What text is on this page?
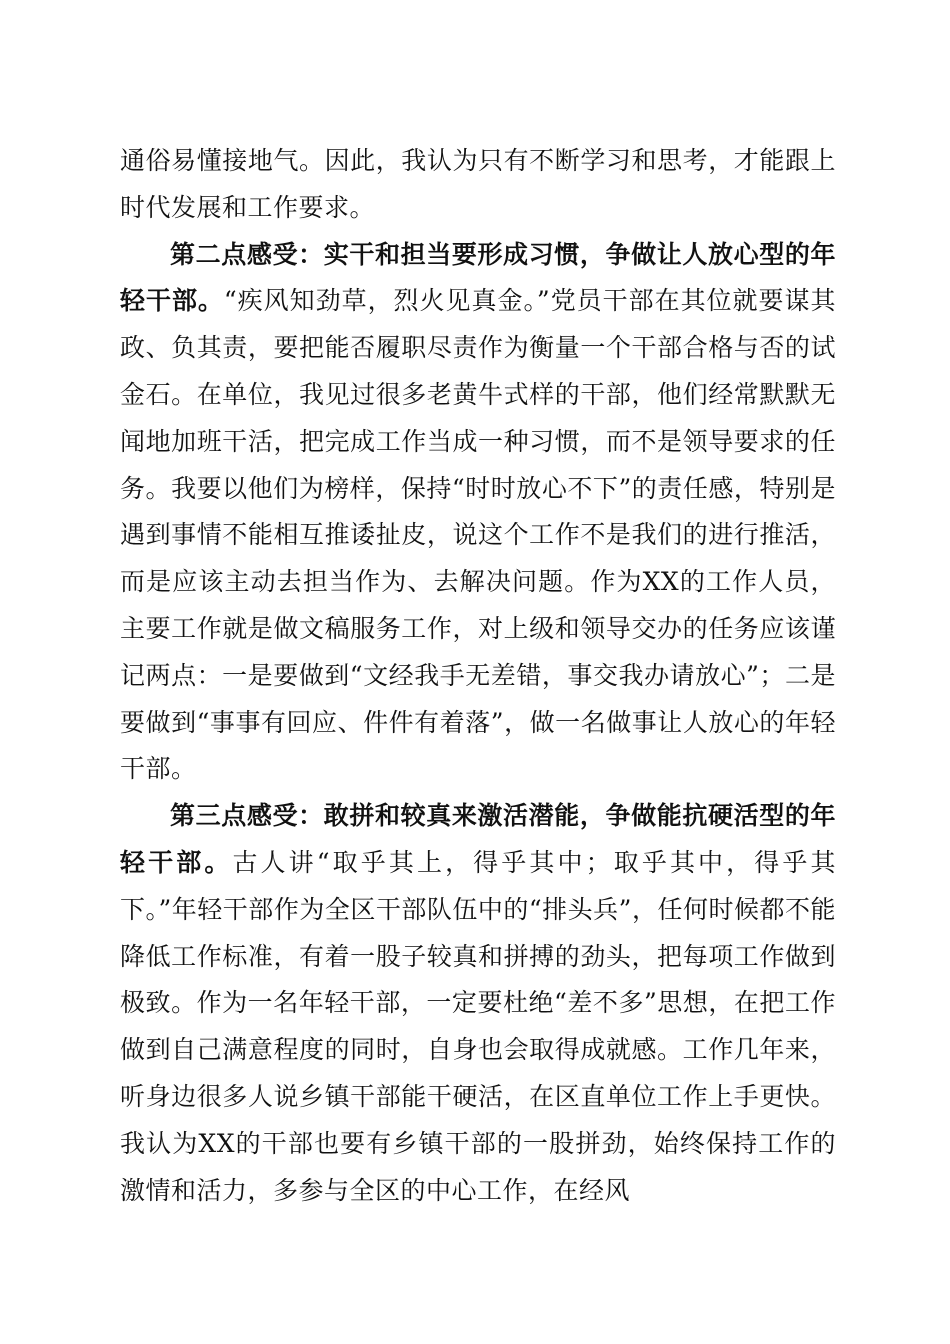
通俗易懂接地气。因此，我认为只有不断学习和思考，才能跟上时代发展和工作要求。

第二点感受：实干和担当要形成习惯，争做让人放心型的年轻干部。“疾风知劲草，烈火见真金。”党员干部在其位就要谋其政、负其责，要把能否履职尽责作为衡量一个干部合格与否的试金石。在单位，我见过很多老黄牛式样的干部，他们经常默默无闻地加班干活，把完成工作当成一种习惯，而不是领导要求的任务。我要以他们为榜样，保持“时时放心不下”的责任感，特别是遇到事情不能相互推诿扯皮，说这个工作不是我们的进行推活，而是应该主动去担当作为、去解决问题。作为XX的工作人员，主要工作就是做文稿服务工作，对上级和领导交办的任务应该谨记两点：一是要做到“文经我手无差错，事交我办请放心”；二是要做到“事事有回应、件件有着落”，做一名做事让人放心的年轻干部。

第三点感受：敢拼和较真来激活潜能，争做能抗硬活型的年轻干部。古人讲“取乎其上，得乎其中；取乎其中，得乎其下。”年轻干部作为全区干部队伍中的“排头兵”，任何时候都不能降低工作标准，有着一股子较真和拼搏的劲头，把每项工作做到极致。作为一名年轻干部，一定要杜绝“差不多”思想，在把工作做到自己满意程度的同时，自身也会取得成就感。工作几年来，听身边很多人说乡镇干部能干硬活，在区直单位工作上手更快。我认为XX的干部也要有乡镇干部的一股拼劲，始终保持工作的激情和活力，多参与全区的中心工作，在经风
